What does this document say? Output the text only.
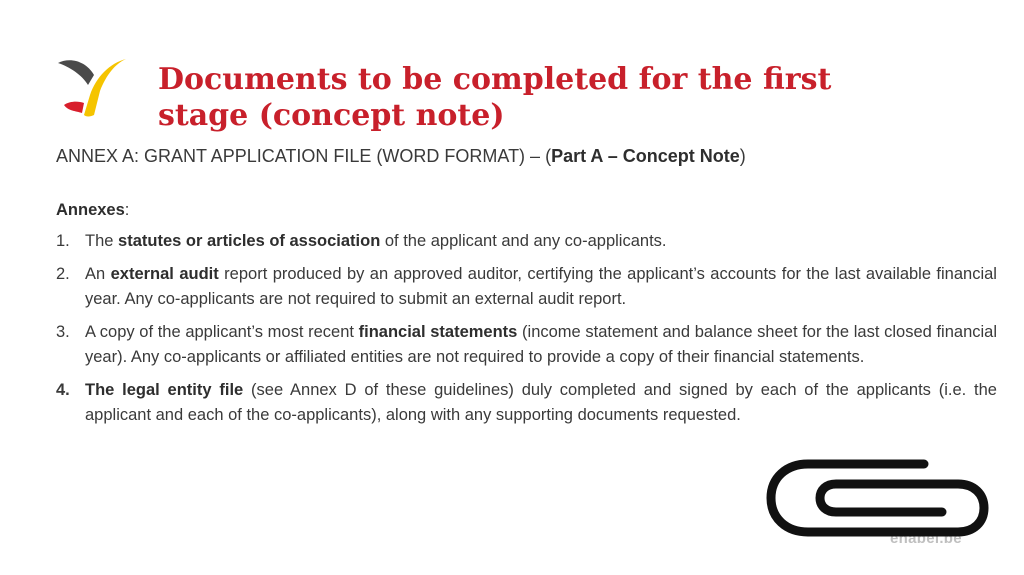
Documents to be completed for the first stage (concept note)
ANNEX A: GRANT APPLICATION FILE (WORD FORMAT) – (Part A – Concept Note)
Annexes:
1. The statutes or articles of association of the applicant and any co-applicants.
2. An external audit report produced by an approved auditor, certifying the applicant’s accounts for the last available financial year. Any co-applicants are not required to submit an external audit report.
3. A copy of the applicant’s most recent financial statements (income statement and balance sheet for the last closed financial year). Any co-applicants or affiliated entities are not required to provide a copy of their financial statements.
4. The legal entity file (see Annex D of these guidelines) duly completed and signed by each of the applicants (i.e. the applicant and each of the co-applicants), along with any supporting documents requested.
enabel.be
